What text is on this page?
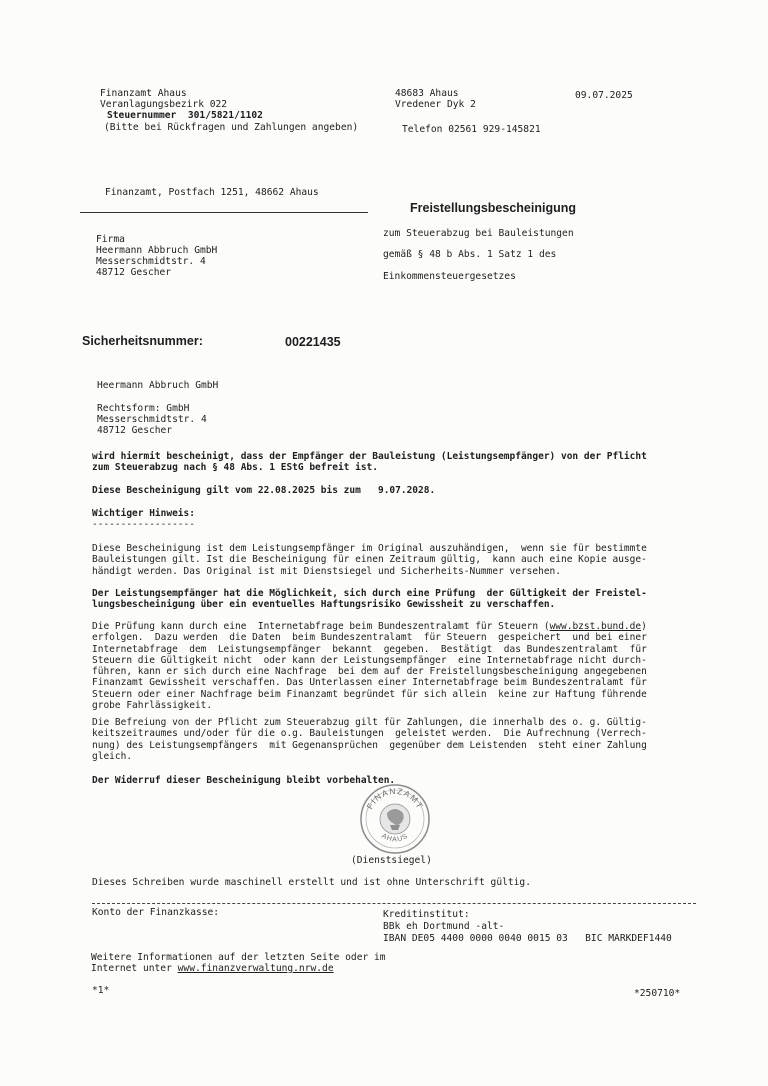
Finanzamt Ahaus
Veranlagungsbezirk 022
Steuernummer  301/5821/1102
(Bitte bei Rückfragen und Zahlungen angeben)
48683 Ahaus
Vredener Dyk 2
Telefon 02561 929-145821
09.07.2025
Finanzamt, Postfach 1251, 48662 Ahaus
Firma
Heermann Abbruch GmbH
Messerschmidtstr. 4
48712 Gescher
Freistellungsbescheinigung
zum Steuerabzug bei Bauleistungen
gemäß § 48 b Abs. 1 Satz 1 des
Einkommensteuergesetzes
Sicherheitsnummer:	00221435
Heermann Abbruch GmbH
Rechtsform: GmbH
Messerschmidtstr. 4
48712 Gescher
wird hiermit bescheinigt, dass der Empfänger der Bauleistung (Leistungsempfänger) von der Pflicht
zum Steuerabzug nach § 48 Abs. 1 EStG befreit ist.
Diese Bescheinigung gilt vom 22.08.2025 bis zum   9.07.2028.
Wichtiger Hinweis:
------------------
Diese Bescheinigung ist dem Leistungsempfänger im Original auszuhändigen,  wenn sie für bestimmte
Bauleistungen gilt. Ist die Bescheinigung für einen Zeitraum gültig,  kann auch eine Kopie ausge-
händigt werden. Das Original ist mit Dienstsiegel und Sicherheits-Nummer versehen.
Der Leistungsempfänger hat die Möglichkeit, sich durch eine Prüfung  der Gültigkeit der Freistel-
lungsbescheinigung über ein eventuelles Haftungsrisiko Gewissheit zu verschaffen.
Die Prüfung kann durch eine  Internetabfrage beim Bundeszentralamt für Steuern (www.bzst.bund.de)
erfolgen.  Dazu werden  die Daten  beim Bundeszentralamt  für Steuern  gespeichert  und bei einer
Internetabfrage  dem  Leistungsempfänger  bekannt  gegeben.  Bestätigt  das Bundeszentralamt  für
Steuern die Gültigkeit nicht  oder kann der Leistungsempfänger  eine Internetabfrage nicht durch-
führen, kann er sich durch eine Nachfrage  bei dem auf der Freistellungsbescheinigung angegebenen
Finanzamt Gewissheit verschaffen. Das Unterlassen einer Internetabfrage beim Bundeszentralamt für
Steuern oder einer Nachfrage beim Finanzamt begründet für sich allein  keine zur Haftung führende
grobe Fahrlässigkeit.
Die Befreiung von der Pflicht zum Steuerabzug gilt für Zahlungen, die innerhalb des o. g. Gültig-
keitszeitraumes und/oder für die o.g. Bauleistungen  geleistet werden.  Die Aufrechnung (Verrech-
nung) des Leistungsempfängers  mit Gegenansprüchen  gegenüber dem Leistenden  steht einer Zahlung
gleich.
Der Widerruf dieser Bescheinigung bleibt vorbehalten.
FINANZAMT
AHAUS
(Dienstsiegel)
Dieses Schreiben wurde maschinell erstellt und ist ohne Unterschrift gültig.
Konto der Finanzkasse:	Kreditinstitut:
BBk eh Dortmund -alt-
IBAN DE05 4400 0000 0040 0015 03   BIC MARKDEF1440
Weitere Informationen auf der letzten Seite oder im
Internet unter www.finanzverwaltung.nrw.de
*1*	*250710*
